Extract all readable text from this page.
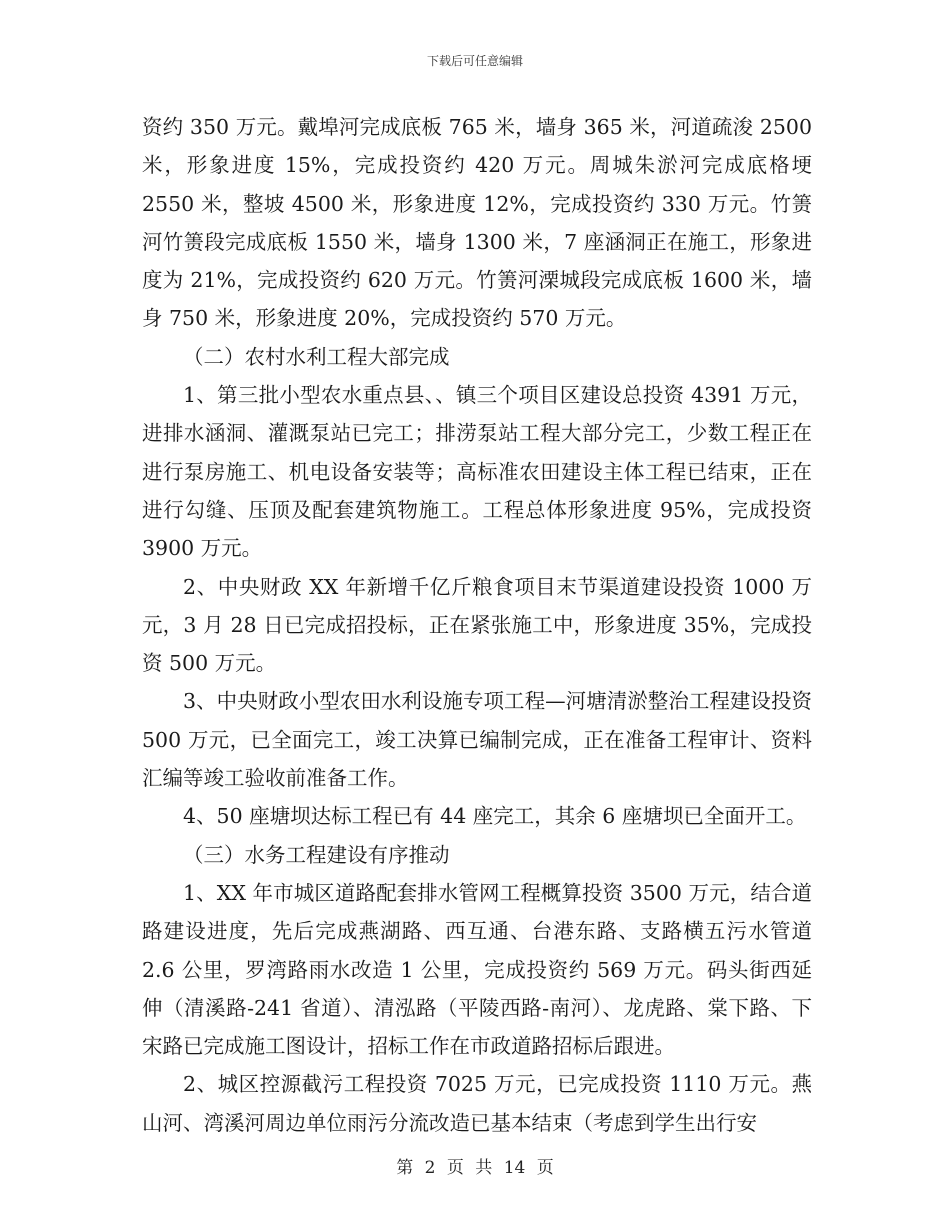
下载后可任意编辑

资约 350 万元。戴埠河完成底板 765 米，墙身 365 米，河道疏浚 2500 米，形象进度 15%，完成投资约 420 万元。周城朱淤河完成底格埂 2550 米，整坡 4500 米，形象进度 12%，完成投资约 330 万元。竹箦河竹箦段完成底板 1550 米，墙身 1300 米，7 座涵洞正在施工，形象进度为 21%，完成投资约 620 万元。竹箦河溧城段完成底板 1600 米，墙身 750 米，形象进度 20%，完成投资约 570 万元。

（二）农村水利工程大部完成

1、第三批小型农水重点县、、镇三个项目区建设总投资 4391 万元，进排水涵洞、灌溉泵站已完工；排涝泵站工程大部分完工，少数工程正在进行泵房施工、机电设备安装等；高标准农田建设主体工程已结束，正在进行勾缝、压顶及配套建筑物施工。工程总体形象进度 95%，完成投资 3900 万元。

2、中央财政 XX 年新增千亿斤粮食项目末节渠道建设投资 1000 万元，3 月 28 日已完成招投标，正在紧张施工中，形象进度 35%，完成投资 500 万元。

3、中央财政小型农田水利设施专项工程—河塘清淤整治工程建设投资 500 万元，已全面完工，竣工决算已编制完成，正在准备工程审计、资料汇编等竣工验收前准备工作。

4、50 座塘坝达标工程已有 44 座完工，其余 6 座塘坝已全面开工。

（三）水务工程建设有序推动

1、XX 年市城区道路配套排水管网工程概算投资 3500 万元，结合道路建设进度，先后完成燕湖路、西互通、台港东路、支路横五污水管道 2.6 公里，罗湾路雨水改造 1 公里，完成投资约 569 万元。码头街西延伸（清溪路-241 省道）、清泓路（平陵西路-南河）、龙虎路、棠下路、下宋路已完成施工图设计，招标工作在市政道路招标后跟进。

2、城区控源截污工程投资 7025 万元，已完成投资 1110 万元。燕山河、湾溪河周边单位雨污分流改造已基本结束（考虑到学生出行安

第 2 页 共 14 页
